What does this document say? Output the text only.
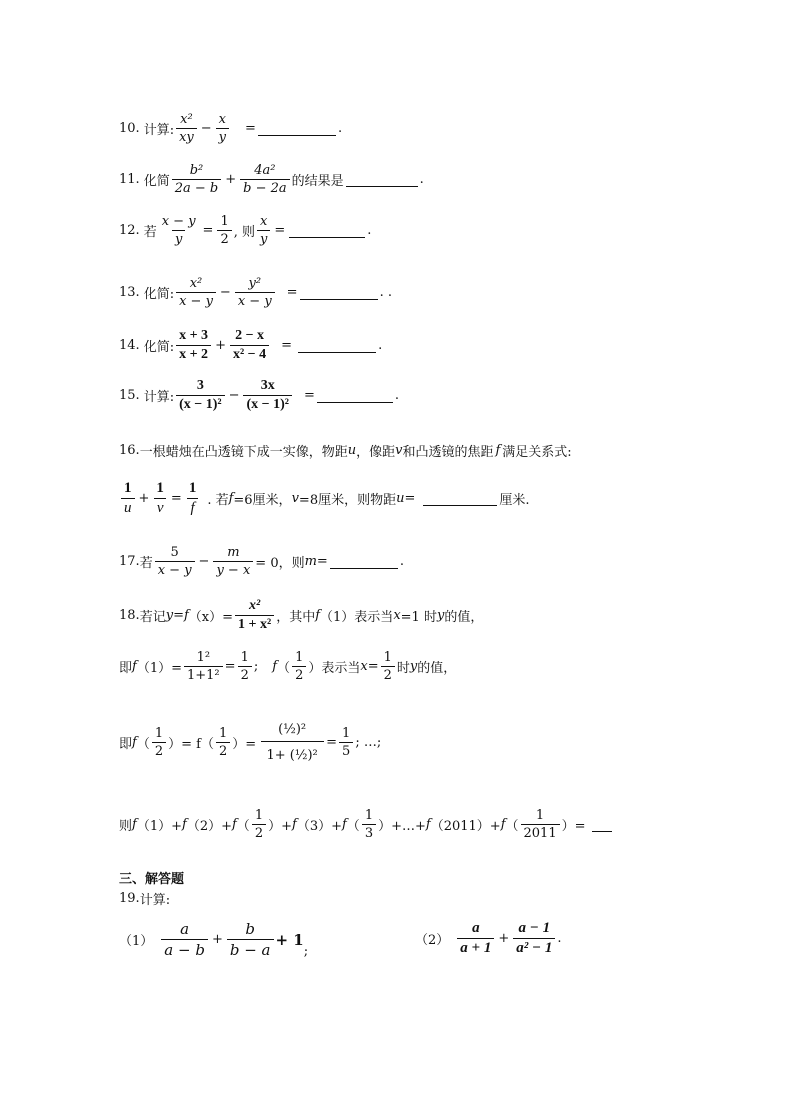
10 . 计算: $\frac{\text{x²}}{xy} - \frac{x}{y}$ =	.
11 . 化简 $\frac{\text{b²}}{2a - b} + \frac{\text{4a²}}{b - 2a}$ 的结果是	.
12 . 若 $\frac{x - y}{y} = \frac{1}{2}$ , 则 $\frac{x}{y}$ =	.
13 . 化简: $\frac{\text{x²}}{x - y} - \frac{\text{y²}}{x - y}$ =	. .
14 . 化简: $\frac{x + 3}{x + 2} + \frac{2 - x}{\text{x² − 4}}$ =	.
15 . 计算: $\frac{3}{\text{(x − 1)²}} - \frac{3x}{\text{(x − 1)²}}$ =	.
16 . 一根蜡烛在凸透镜下成一实像，物距 u ，像距 v 和凸透镜的焦距 f 满足关系式:
$\frac{1}{u} + \frac{1}{v} = \frac{1}{f}$ . 若 f =6厘米， v =8厘米，则物距 u =	厘米.
17 . 若 $\frac{5}{x - y} - \frac{m}{y - x} = 0$，则 m =	.
18 . 若记 y = f $(x)= \frac{\text{x²}}{\text{1 + x²}}$ ，其中 f （1）表示当 x =1 时 y 的值，
即 f $(1)= \frac{\text{1²}}{\text{1+1²}} = \frac{1}{2}$ ; f （ $\frac{1}{2}$ ） 表示当 $x = \frac{1}{2}$ 时 y 的值，
即 f （ $\frac{1}{2}$ ） = $f( \frac{1}{2}$ ）= $\frac{\text{(½)²}}{\text{1+ (½)²}} = \frac{1}{5}$ ; …;
则 f （1）+ f （2）+ f （ $\frac{1}{2}$ ）+ f （3）+ f （ $\frac{1}{3}$ ）+…+ f （2011）+ f （ $\frac{1}{2011}$ ）=
三、解答题
19 . 计算:
$(1) \frac{a}{a - b} + \frac{b}{b - a} + 1$
;
$(2) \frac{a}{a + 1} + \frac{a - 1}{\text{a² − 1}}$ .
